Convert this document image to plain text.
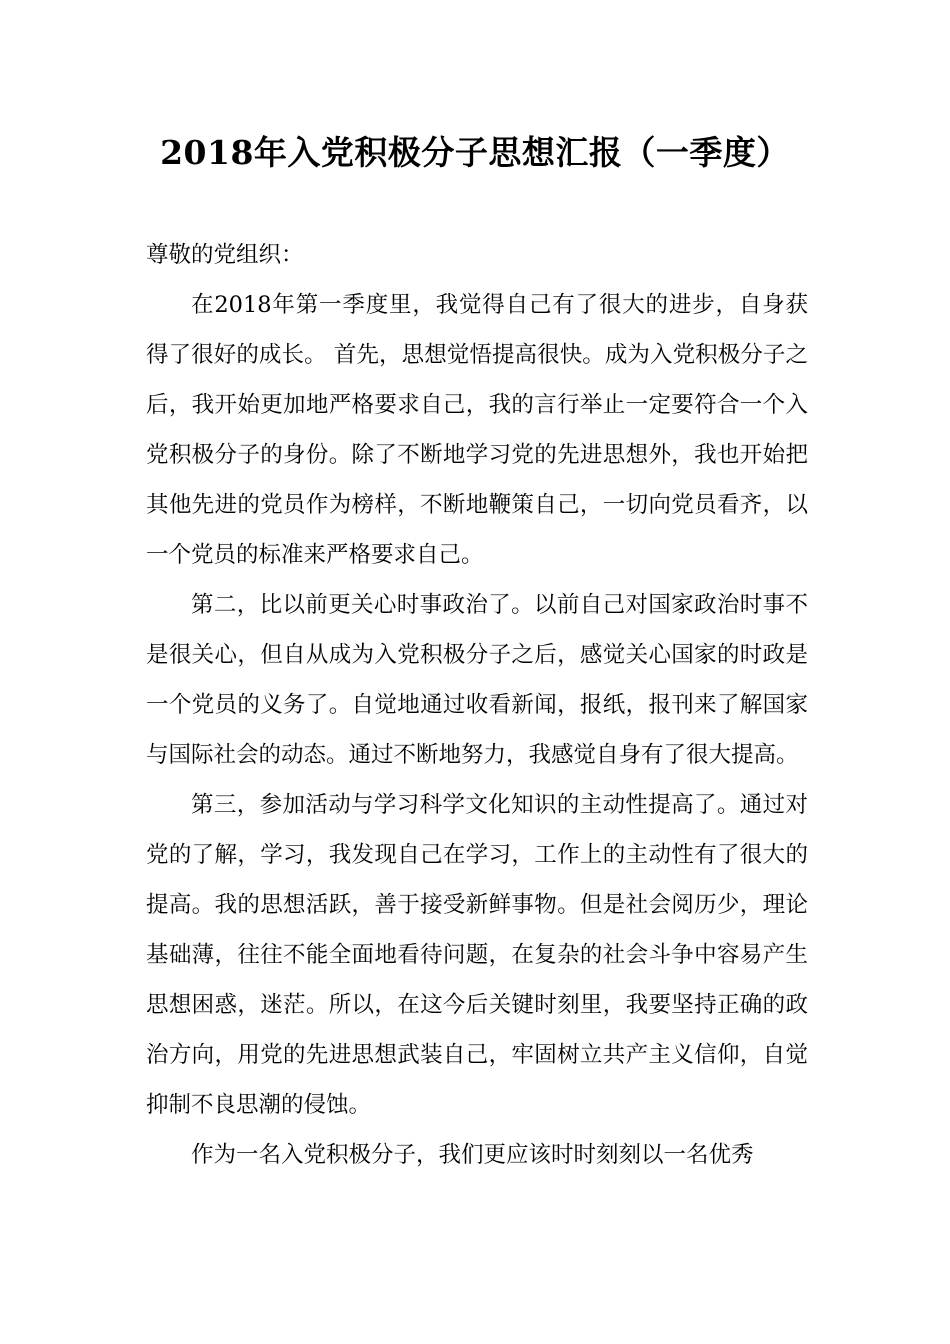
2018年入党积极分子思想汇报（一季度）

尊敬的党组织：

在2018年第一季度里，我觉得自己有了很大的进步，自身获得了很好的成长。 首先，思想觉悟提高很快。成为入党积极分子之后，我开始更加地严格要求自己，我的言行举止一定要符合一个入党积极分子的身份。除了不断地学习党的先进思想外，我也开始把其他先进的党员作为榜样，不断地鞭策自己，一切向党员看齐，以一个党员的标准来严格要求自己。

第二，比以前更关心时事政治了。以前自己对国家政治时事不是很关心，但自从成为入党积极分子之后，感觉关心国家的时政是一个党员的义务了。自觉地通过收看新闻，报纸，报刊来了解国家与国际社会的动态。通过不断地努力，我感觉自身有了很大提高。

第三，参加活动与学习科学文化知识的主动性提高了。通过对党的了解，学习，我发现自己在学习，工作上的主动性有了很大的提高。我的思想活跃，善于接受新鲜事物。但是社会阅历少，理论基础薄，往往不能全面地看待问题，在复杂的社会斗争中容易产生思想困惑，迷茫。所以，在这今后关键时刻里，我要坚持正确的政治方向，用党的先进思想武装自己，牢固树立共产主义信仰，自觉抑制不良思潮的侵蚀。

作为一名入党积极分子，我们更应该时时刻刻以一名优秀
